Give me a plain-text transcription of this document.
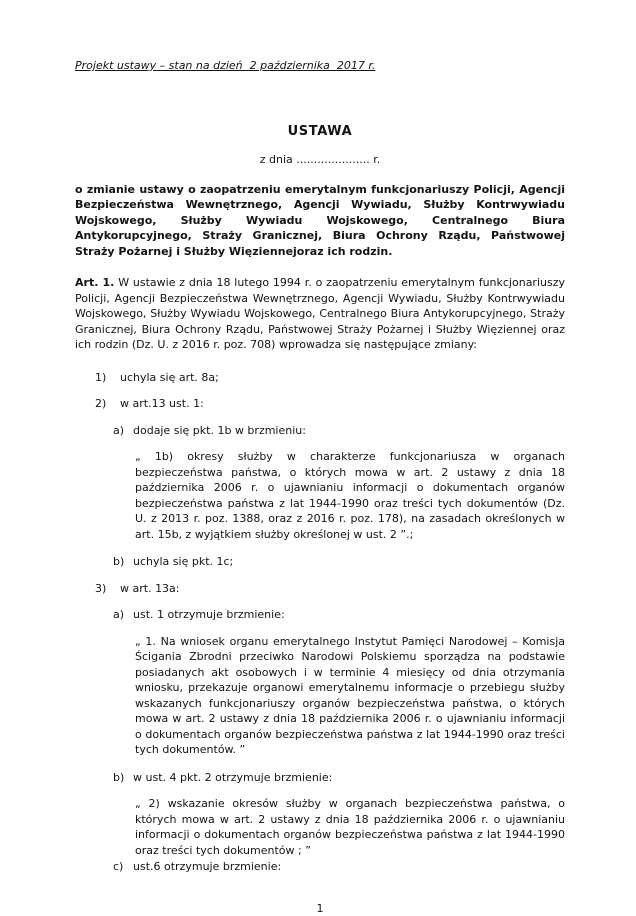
Projekt ustawy – stan na dzień  2 października  2017 r.
USTAWA
z dnia ..................... r.
o zmianie ustawy o zaopatrzeniu emerytalnym funkcjonariuszy Policji, Agencji Bezpieczeństwa Wewnętrznego, Agencji Wywiadu, Służby Kontrwywiadu Wojskowego, Służby Wywiadu Wojskowego, Centralnego Biura Antykorupcyjnego, Straży Granicznej, Biura Ochrony Rządu, Państwowej Straży Pożarnej i Służby Więziennejoraz ich rodzin.
Art. 1. W ustawie z dnia 18 lutego 1994 r. o zaopatrzeniu emerytalnym funkcjonariuszy Policji, Agencji Bezpieczeństwa Wewnętrznego, Agencji Wywiadu, Służby Kontrwywiadu Wojskowego, Służby Wywiadu Wojskowego, Centralnego Biura Antykorupcyjnego, Straży Granicznej, Biura Ochrony Rządu, Państwowej Straży Pożarnej i Służby Więziennej oraz ich rodzin (Dz. U. z 2016 r. poz. 708) wprowadza się następujące zmiany:
1)	uchyla się art. 8a;
2)	w art.13 ust. 1:
a) dodaje się pkt. 1b w brzmieniu:
„ 1b) okresy służby w charakterze funkcjonariusza w organach bezpieczeństwa państwa, o których mowa w art. 2 ustawy z dnia 18 października 2006 r. o ujawnianiu informacji o dokumentach organów bezpieczeństwa państwa z lat 1944-1990 oraz treści tych dokumentów (Dz. U. z 2013 r. poz. 1388, oraz z 2016 r. poz. 178), na zasadach określonych w art. 15b, z wyjątkiem służby określonej w ust. 2 ”.;
b) uchyla się pkt. 1c;
3)	w art. 13a:
a) ust. 1 otrzymuje brzmienie:
„ 1. Na wniosek organu emerytalnego Instytut Pamięci Narodowej – Komisja Ścigania Zbrodni przeciwko Narodowi Polskiemu sporządza na podstawie posiadanych akt osobowych i w terminie 4 miesięcy od dnia otrzymania wniosku, przekazuje organowi emerytalnemu informacje o przebiegu służby wskazanych funkcjonariuszy organów bezpieczeństwa państwa, o których mowa w art. 2 ustawy z dnia 18 października 2006 r. o ujawnianiu informacji o dokumentach organów bezpieczeństwa państwa z lat 1944-1990 oraz treści tych dokumentów. ”
b) w ust. 4 pkt. 2 otrzymuje brzmienie:
„ 2) wskazanie okresów służby w organach bezpieczeństwa państwa, o których mowa w art. 2 ustawy z dnia 18 października 2006 r. o ujawnianiu informacji o dokumentach organów bezpieczeństwa państwa z lat 1944-1990 oraz treści tych dokumentów ; ”
c) ust.6 otrzymuje brzmienie:
1
